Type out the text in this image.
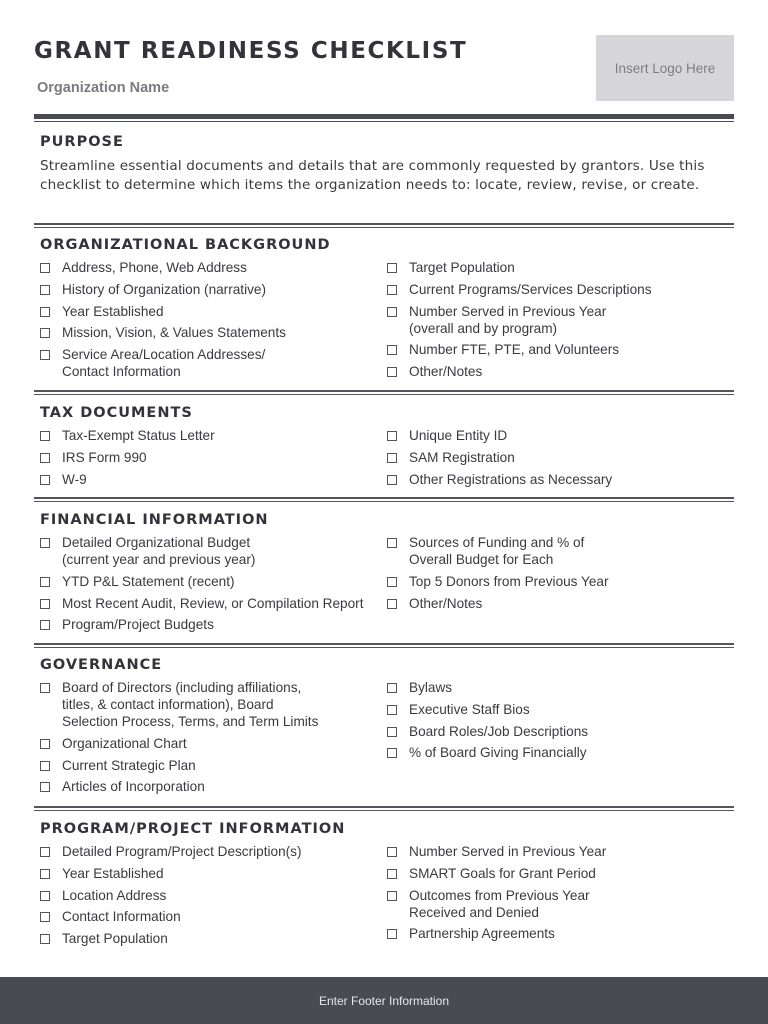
GRANT READINESS CHECKLIST
Organization Name
Insert Logo Here
PURPOSE

Streamline essential documents and details that are commonly requested by grantors. Use this checklist to determine which items the organization needs to: locate, review, revise, or create.

ORGANIZATIONAL BACKGROUND
Address, Phone, Web Address
History of Organization (narrative)
Year Established
Mission, Vision, & Values Statements
Service Area/Location Addresses/
Contact Information
Target Population
Current Programs/Services Descriptions
Number Served in Previous Year
(overall and by program)
Number FTE, PTE, and Volunteers
Other/Notes
TAX DOCUMENTS
Tax-Exempt Status Letter
IRS Form 990
W-9
Unique Entity ID
SAM Registration
Other Registrations as Necessary
FINANCIAL INFORMATION
Detailed Organizational Budget
(current year and previous year)
YTD P&L Statement (recent)
Most Recent Audit, Review, or Compilation Report
Program/Project Budgets
Sources of Funding and % of
Overall Budget for Each
Top 5 Donors from Previous Year
Other/Notes
GOVERNANCE
Board of Directors (including affiliations,
titles, & contact information), Board
Selection Process, Terms, and Term Limits
Organizational Chart
Current Strategic Plan
Articles of Incorporation
Bylaws
Executive Staff Bios
Board Roles/Job Descriptions
% of Board Giving Financially
PROGRAM/PROJECT INFORMATION
Detailed Program/Project Description(s)
Year Established
Location Address
Contact Information
Target Population
Number Served in Previous Year
SMART Goals for Grant Period
Outcomes from Previous Year
Received and Denied
Partnership Agreements
Enter Footer Information
